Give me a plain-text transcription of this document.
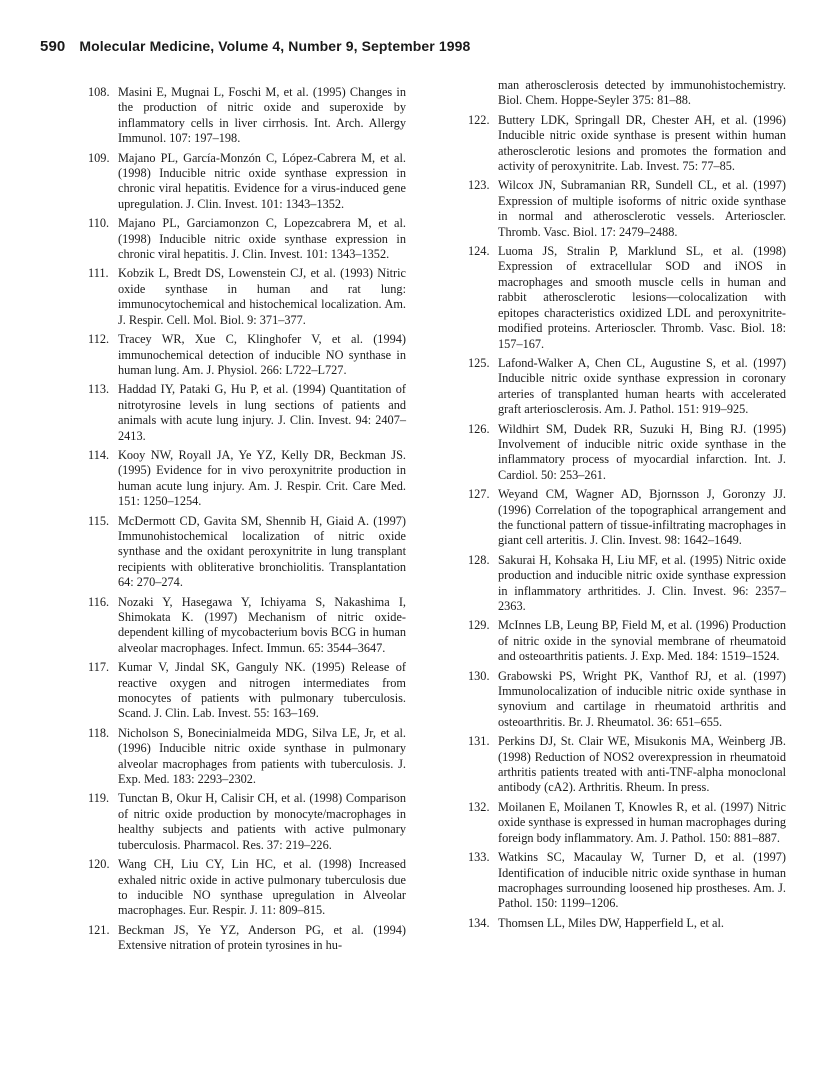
590 Molecular Medicine, Volume 4, Number 9, September 1998
108. Masini E, Mugnai L, Foschi M, et al. (1995) Changes in the production of nitric oxide and superoxide by inflammatory cells in liver cirrhosis. Int. Arch. Allergy Immunol. 107: 197–198.
109. Majano PL, García-Monzón C, López-Cabrera M, et al. (1998) Inducible nitric oxide synthase expression in chronic viral hepatitis. Evidence for a virus-induced gene upregulation. J. Clin. Invest. 101: 1343–1352.
110. Majano PL, Garciamonzon C, Lopezcabrera M, et al. (1998) Inducible nitric oxide synthase expression in chronic viral hepatitis. J. Clin. Invest. 101: 1343–1352.
111. Kobzik L, Bredt DS, Lowenstein CJ, et al. (1993) Nitric oxide synthase in human and rat lung: immunocytochemical and histochemical localization. Am. J. Respir. Cell. Mol. Biol. 9: 371–377.
112. Tracey WR, Xue C, Klinghofer V, et al. (1994) immunochemical detection of inducible NO synthase in human lung. Am. J. Physiol. 266: L722–L727.
113. Haddad IY, Pataki G, Hu P, et al. (1994) Quantitation of nitrotyrosine levels in lung sections of patients and animals with acute lung injury. J. Clin. Invest. 94: 2407–2413.
114. Kooy NW, Royall JA, Ye YZ, Kelly DR, Beckman JS. (1995) Evidence for in vivo peroxynitrite production in human acute lung injury. Am. J. Respir. Crit. Care Med. 151: 1250–1254.
115. McDermott CD, Gavita SM, Shennib H, Giaid A. (1997) Immunohistochemical localization of nitric oxide synthase and the oxidant peroxynitrite in lung transplant recipients with obliterative bronchiolitis. Transplantation 64: 270–274.
116. Nozaki Y, Hasegawa Y, Ichiyama S, Nakashima I, Shimokata K. (1997) Mechanism of nitric oxide-dependent killing of mycobacterium bovis BCG in human alveolar macrophages. Infect. Immun. 65: 3544–3647.
117. Kumar V, Jindal SK, Ganguly NK. (1995) Release of reactive oxygen and nitrogen intermediates from monocytes of patients with pulmonary tuberculosis. Scand. J. Clin. Lab. Invest. 55: 163–169.
118. Nicholson S, Bonecinialmeida MDG, Silva LE, Jr, et al. (1996) Inducible nitric oxide synthase in pulmonary alveolar macrophages from patients with tuberculosis. J. Exp. Med. 183: 2293–2302.
119. Tunctan B, Okur H, Calisir CH, et al. (1998) Comparison of nitric oxide production by monocyte/macrophages in healthy subjects and patients with active pulmonary tuberculosis. Pharmacol. Res. 37: 219–226.
120. Wang CH, Liu CY, Lin HC, et al. (1998) Increased exhaled nitric oxide in active pulmonary tuberculosis due to inducible NO synthase upregulation in Alveolar macrophages. Eur. Respir. J. 11: 809–815.
121. Beckman JS, Ye YZ, Anderson PG, et al. (1994) Extensive nitration of protein tyrosines in hu-
man atherosclerosis detected by immunohistochemistry. Biol. Chem. Hoppe-Seyler 375: 81–88.
122. Buttery LDK, Springall DR, Chester AH, et al. (1996) Inducible nitric oxide synthase is present within human atherosclerotic lesions and promotes the formation and activity of peroxynitrite. Lab. Invest. 75: 77–85.
123. Wilcox JN, Subramanian RR, Sundell CL, et al. (1997) Expression of multiple isoforms of nitric oxide synthase in normal and atherosclerotic vessels. Arterioscler. Thromb. Vasc. Biol. 17: 2479–2488.
124. Luoma JS, Stralin P, Marklund SL, et al. (1998) Expression of extracellular SOD and iNOS in macrophages and smooth muscle cells in human and rabbit atherosclerotic lesions—colocalization with epitopes characteristics oxidized LDL and peroxynitrite-modified proteins. Arterioscler. Thromb. Vasc. Biol. 18: 157–167.
125. Lafond-Walker A, Chen CL, Augustine S, et al. (1997) Inducible nitric oxide synthase expression in coronary arteries of transplanted human hearts with accelerated graft arteriosclerosis. Am. J. Pathol. 151: 919–925.
126. Wildhirt SM, Dudek RR, Suzuki H, Bing RJ. (1995) Involvement of inducible nitric oxide synthase in the inflammatory process of myocardial infarction. Int. J. Cardiol. 50: 253–261.
127. Weyand CM, Wagner AD, Bjornsson J, Goronzy JJ. (1996) Correlation of the topographical arrangement and the functional pattern of tissue-infiltrating macrophages in giant cell arteritis. J. Clin. Invest. 98: 1642–1649.
128. Sakurai H, Kohsaka H, Liu MF, et al. (1995) Nitric oxide production and inducible nitric oxide synthase expression in inflammatory arthritides. J. Clin. Invest. 96: 2357–2363.
129. McInnes LB, Leung BP, Field M, et al. (1996) Production of nitric oxide in the synovial membrane of rheumatoid and osteoarthritis patients. J. Exp. Med. 184: 1519–1524.
130. Grabowski PS, Wright PK, Vanthof RJ, et al. (1997) Immunolocalization of inducible nitric oxide synthase in synovium and cartilage in rheumatoid arthritis and osteoarthritis. Br. J. Rheumatol. 36: 651–655.
131. Perkins DJ, St. Clair WE, Misukonis MA, Weinberg JB. (1998) Reduction of NOS2 overexpression in rheumatoid arthritis patients treated with anti-TNF-alpha monoclonal antibody (cA2). Arthritis. Rheum. In press.
132. Moilanen E, Moilanen T, Knowles R, et al. (1997) Nitric oxide synthase is expressed in human macrophages during foreign body inflammatory. Am. J. Pathol. 150: 881–887.
133. Watkins SC, Macaulay W, Turner D, et al. (1997) Identification of inducible nitric oxide synthase in human macrophages surrounding loosened hip prostheses. Am. J. Pathol. 150: 1199–1206.
134. Thomsen LL, Miles DW, Happerfield L, et al.
